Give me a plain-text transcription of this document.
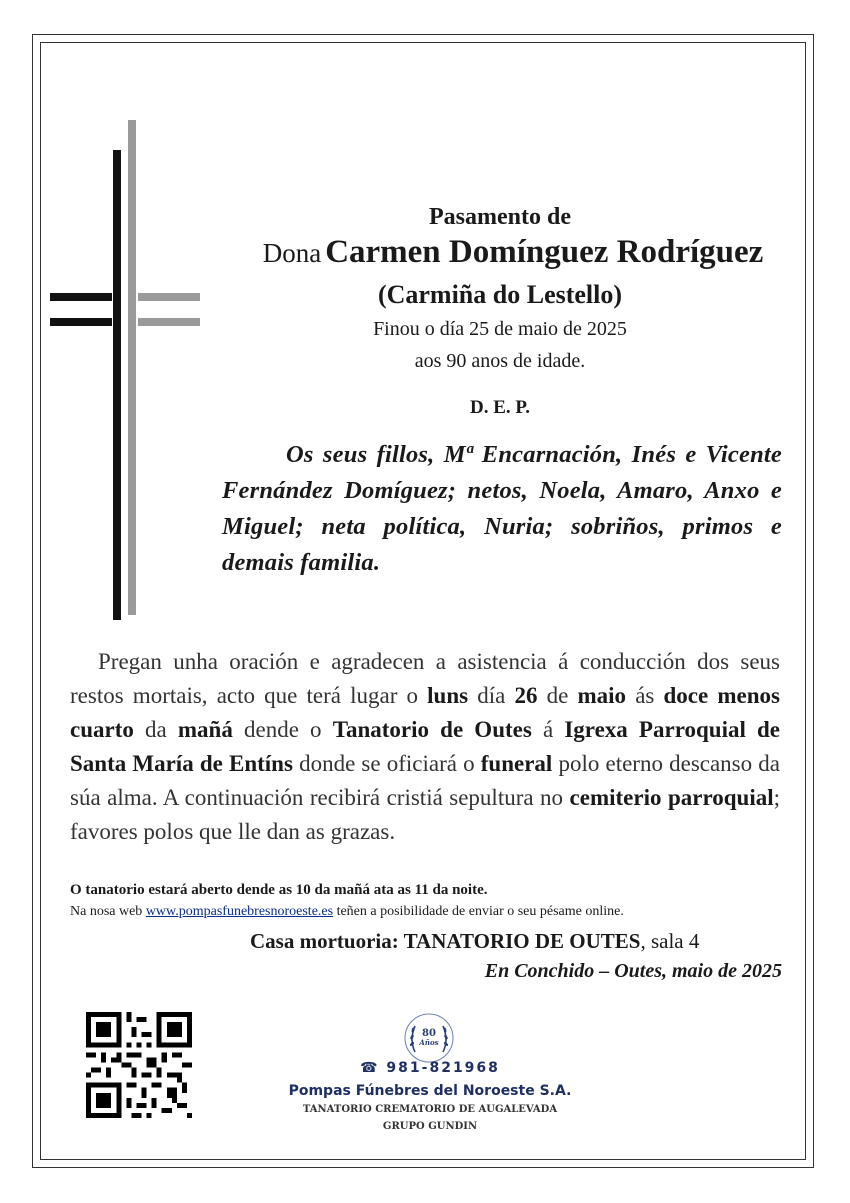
Pasamento de
Dona Carmen Domínguez Rodríguez
(Carmiña do Lestello)
Finou o día 25 de maio de 2025
aos 90 anos de idade.
D. E. P.
Os seus fillos, Mª Encarnación, Inés e Vicente Fernández Domíguez; netos, Noela, Amaro, Anxo e Miguel; neta política, Nuria; sobriños, primos e demais familia.
Pregan unha oración e agradecen a asistencia á conducción dos seus restos mortais, acto que terá lugar o luns día 26 de maio ás doce menos cuarto da mañá dende o Tanatorio de Outes á Igrexa Parroquial de Santa María de Entíns donde se oficiará o funeral polo eterno descanso da súa alma. A continuación recibirá cristiá sepultura no cemiterio parroquial; favores polos que lle dan as grazas.
O tanatorio estará aberto dende as 10 da mañá ata as 11 da noite.
Na nosa web www.pompasfunebresnoroeste.es teñen a posibilidade de enviar o seu pésame online.
Casa mortuoria: TANATORIO DE OUTES, sala 4
En Conchido – Outes, maio de 2025
80
Años
☎ 981-821968
Pompas Fúnebres del Noroeste S.A.
TANATORIO CREMATORIO DE AUGALEVADA
GRUPO GUNDIN
